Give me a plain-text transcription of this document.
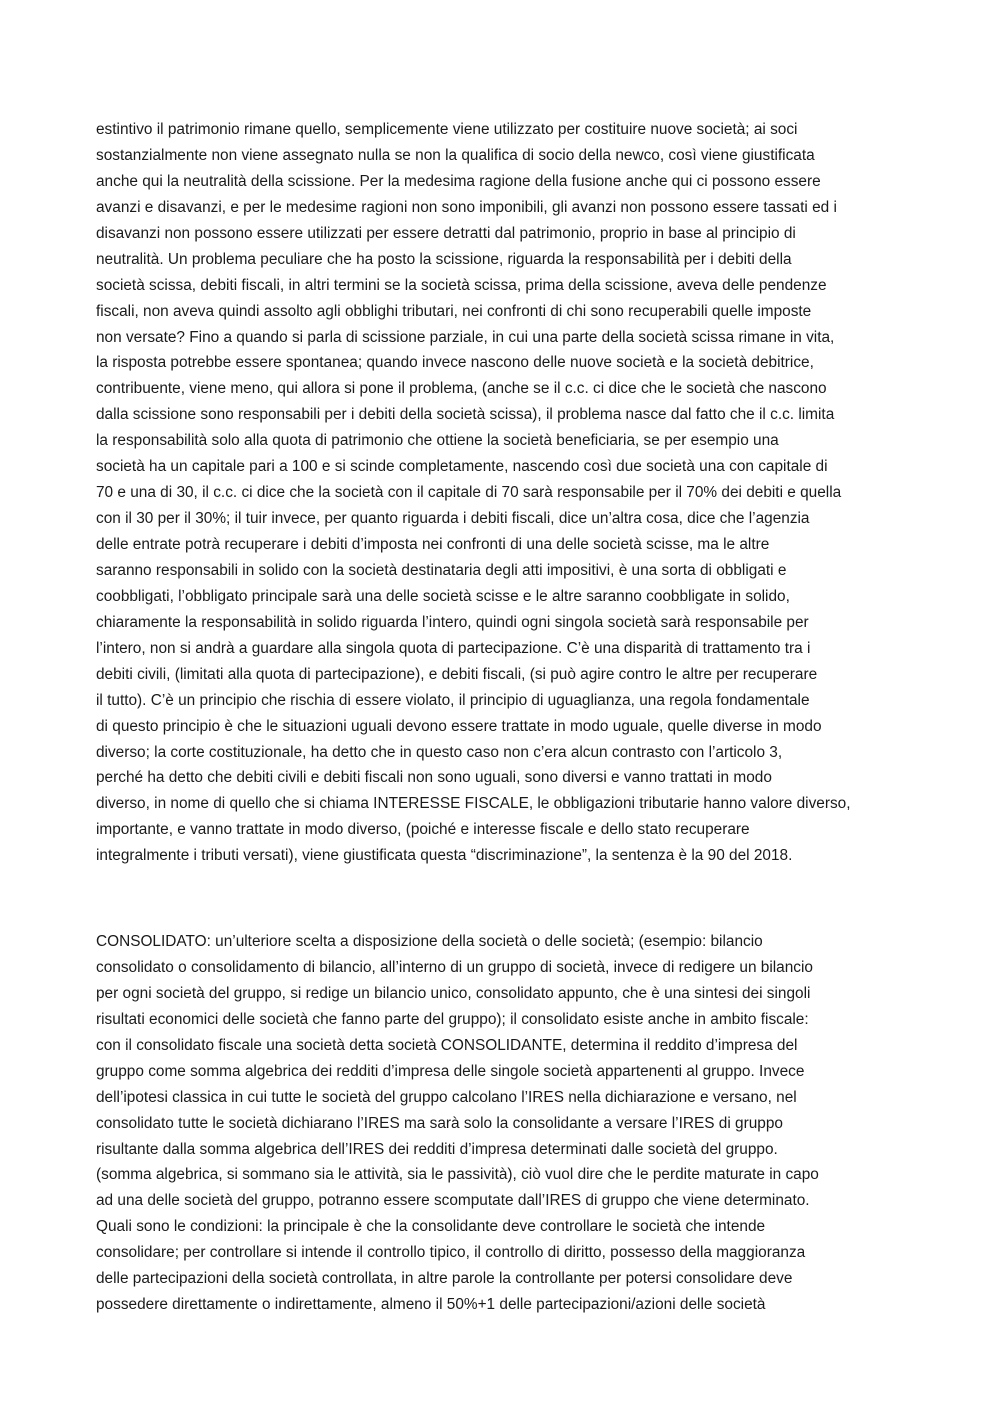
estintivo il patrimonio rimane quello, semplicemente viene utilizzato per costituire nuove società; ai soci
sostanzialmente non viene assegnato nulla se non la qualifica di socio della newco, così viene giustificata
anche qui la neutralità della scissione. Per la medesima ragione della fusione anche qui ci possono essere
avanzi e disavanzi, e per le medesime ragioni non sono imponibili, gli avanzi non possono essere tassati ed i
disavanzi non possono essere utilizzati per essere detratti dal patrimonio, proprio in base al principio di
neutralità. Un problema peculiare che ha posto la scissione, riguarda la responsabilità per i debiti della
società scissa, debiti fiscali, in altri termini se la società scissa, prima della scissione, aveva delle pendenze
fiscali, non aveva quindi assolto agli obblighi tributari, nei confronti di chi sono recuperabili quelle imposte
non versate? Fino a quando si parla di scissione parziale, in cui una parte della società scissa rimane in vita,
la risposta potrebbe essere spontanea; quando invece nascono delle nuove società e la società debitrice,
contribuente, viene meno, qui allora si pone il problema, (anche se il c.c. ci dice che le società che nascono
dalla scissione sono responsabili per i debiti della società scissa), il problema nasce dal fatto che il c.c. limita
la responsabilità solo alla quota di patrimonio che ottiene la società beneficiaria, se per esempio una
società ha un capitale pari a 100 e si scinde completamente, nascendo così due società una con capitale di
70 e una di 30, il c.c. ci dice che la società con il capitale di 70 sarà responsabile per il 70% dei debiti e quella
con il 30 per il 30%; il tuir invece, per quanto riguarda i debiti fiscali, dice un’altra cosa, dice che l’agenzia
delle entrate potrà recuperare i debiti d’imposta nei confronti di una delle società scisse, ma le altre
saranno responsabili in solido con la società destinataria degli atti impositivi, è una sorta di obbligati e
coobbligati, l’obbligato principale sarà una delle società scisse e le altre saranno coobbligate in solido,
chiaramente la responsabilità in solido riguarda l’intero, quindi ogni singola società sarà responsabile per
l’intero, non si andrà a guardare alla singola quota di partecipazione. C’è una disparità di trattamento tra i
debiti civili, (limitati alla quota di partecipazione), e debiti fiscali, (si può agire contro le altre per recuperare
il tutto). C’è un principio che rischia di essere violato, il principio di uguaglianza, una regola fondamentale
di questo principio è che le situazioni uguali devono essere trattate in modo uguale, quelle diverse in modo
diverso; la corte costituzionale, ha detto che in questo caso non c’era alcun contrasto con l’articolo 3,
perché ha detto che debiti civili e debiti fiscali non sono uguali, sono diversi e vanno trattati in modo
diverso, in nome di quello che si chiama INTERESSE FISCALE, le obbligazioni tributarie hanno valore diverso,
importante, e vanno trattate in modo diverso, (poiché e interesse fiscale e dello stato recuperare
integralmente i tributi versati), viene giustificata questa “discriminazione”, la sentenza è la 90 del 2018.
CONSOLIDATO: un’ulteriore scelta a disposizione della società o delle società; (esempio: bilancio
consolidato o consolidamento di bilancio, all’interno di un gruppo di società, invece di redigere un bilancio
per ogni società del gruppo, si redige un bilancio unico, consolidato appunto, che è una sintesi dei singoli
risultati economici delle società che fanno parte del gruppo); il consolidato esiste anche in ambito fiscale:
con il consolidato fiscale una società detta società CONSOLIDANTE, determina il reddito d’impresa del
gruppo come somma algebrica dei redditi d’impresa delle singole società appartenenti al gruppo. Invece
dell’ipotesi classica in cui tutte le società del gruppo calcolano l’IRES nella dichiarazione e versano, nel
consolidato tutte le società dichiarano l’IRES ma sarà solo la consolidante a versare l’IRES di gruppo
risultante dalla somma algebrica dell’IRES dei redditi d’impresa determinati dalle società del gruppo.
(somma algebrica, si sommano sia le attività, sia le passività), ciò vuol dire che le perdite maturate in capo
ad una delle società del gruppo, potranno essere scomputate dall’IRES di gruppo che viene determinato.
Quali sono le condizioni: la principale è che la consolidante deve controllare le società che intende
consolidare; per controllare si intende il controllo tipico, il controllo di diritto, possesso della maggioranza
delle partecipazioni della società controllata, in altre parole la controllante per potersi consolidare deve
possedere direttamente o indirettamente, almeno il 50%+1 delle partecipazioni/azioni delle società
